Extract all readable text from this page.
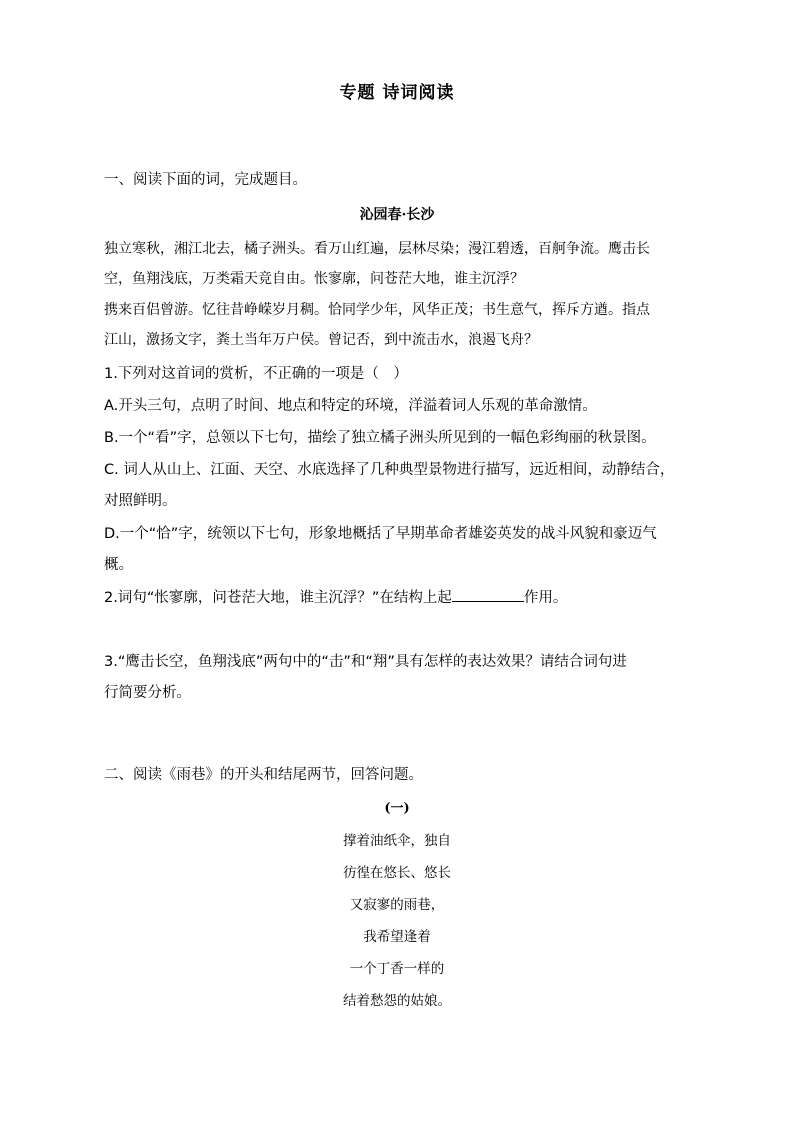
专题 诗词阅读
一、阅读下面的词，完成题目。
沁园春·长沙
独立寒秋，湘江北去，橘子洲头。看万山红遍，层林尽染；漫江碧透，百舸争流。鹰击长
空，鱼翔浅底，万类霜天竞自由。怅寥廓，问苍茫大地，谁主沉浮？
携来百侣曾游。忆往昔峥嵘岁月稠。恰同学少年，风华正茂；书生意气，挥斥方遒。指点
江山，激扬文字，粪土当年万户侯。曾记否，到中流击水，浪遏飞舟？
1.下列对这首词的赏析，不正确的一项是（　）
A.开头三句，点明了时间、地点和特定的环境，洋溢着词人乐观的革命激情。
B.一个“看”字，总领以下七句，描绘了独立橘子洲头所见到的一幅色彩绚丽的秋景图。
C. 词人从山上、江面、天空、水底选择了几种典型景物进行描写，远近相间，动静结合，
对照鲜明。
D.一个“恰”字，统领以下七句，形象地概括了早期革命者雄姿英发的战斗风貌和豪迈气
概。
2.词句“怅寥廓，问苍茫大地，谁主沉浮？”在结构上起	作用。
3.“鹰击长空，鱼翔浅底”两句中的“击”和“翔”具有怎样的表达效果？请结合词句进
行简要分析。
二、阅读《雨巷》的开头和结尾两节，回答问题。
(一)
撑着油纸伞，独自
彷徨在悠长、悠长
又寂寥的雨巷，
我希望逢着
一个丁香一样的
结着愁怨的姑娘。
